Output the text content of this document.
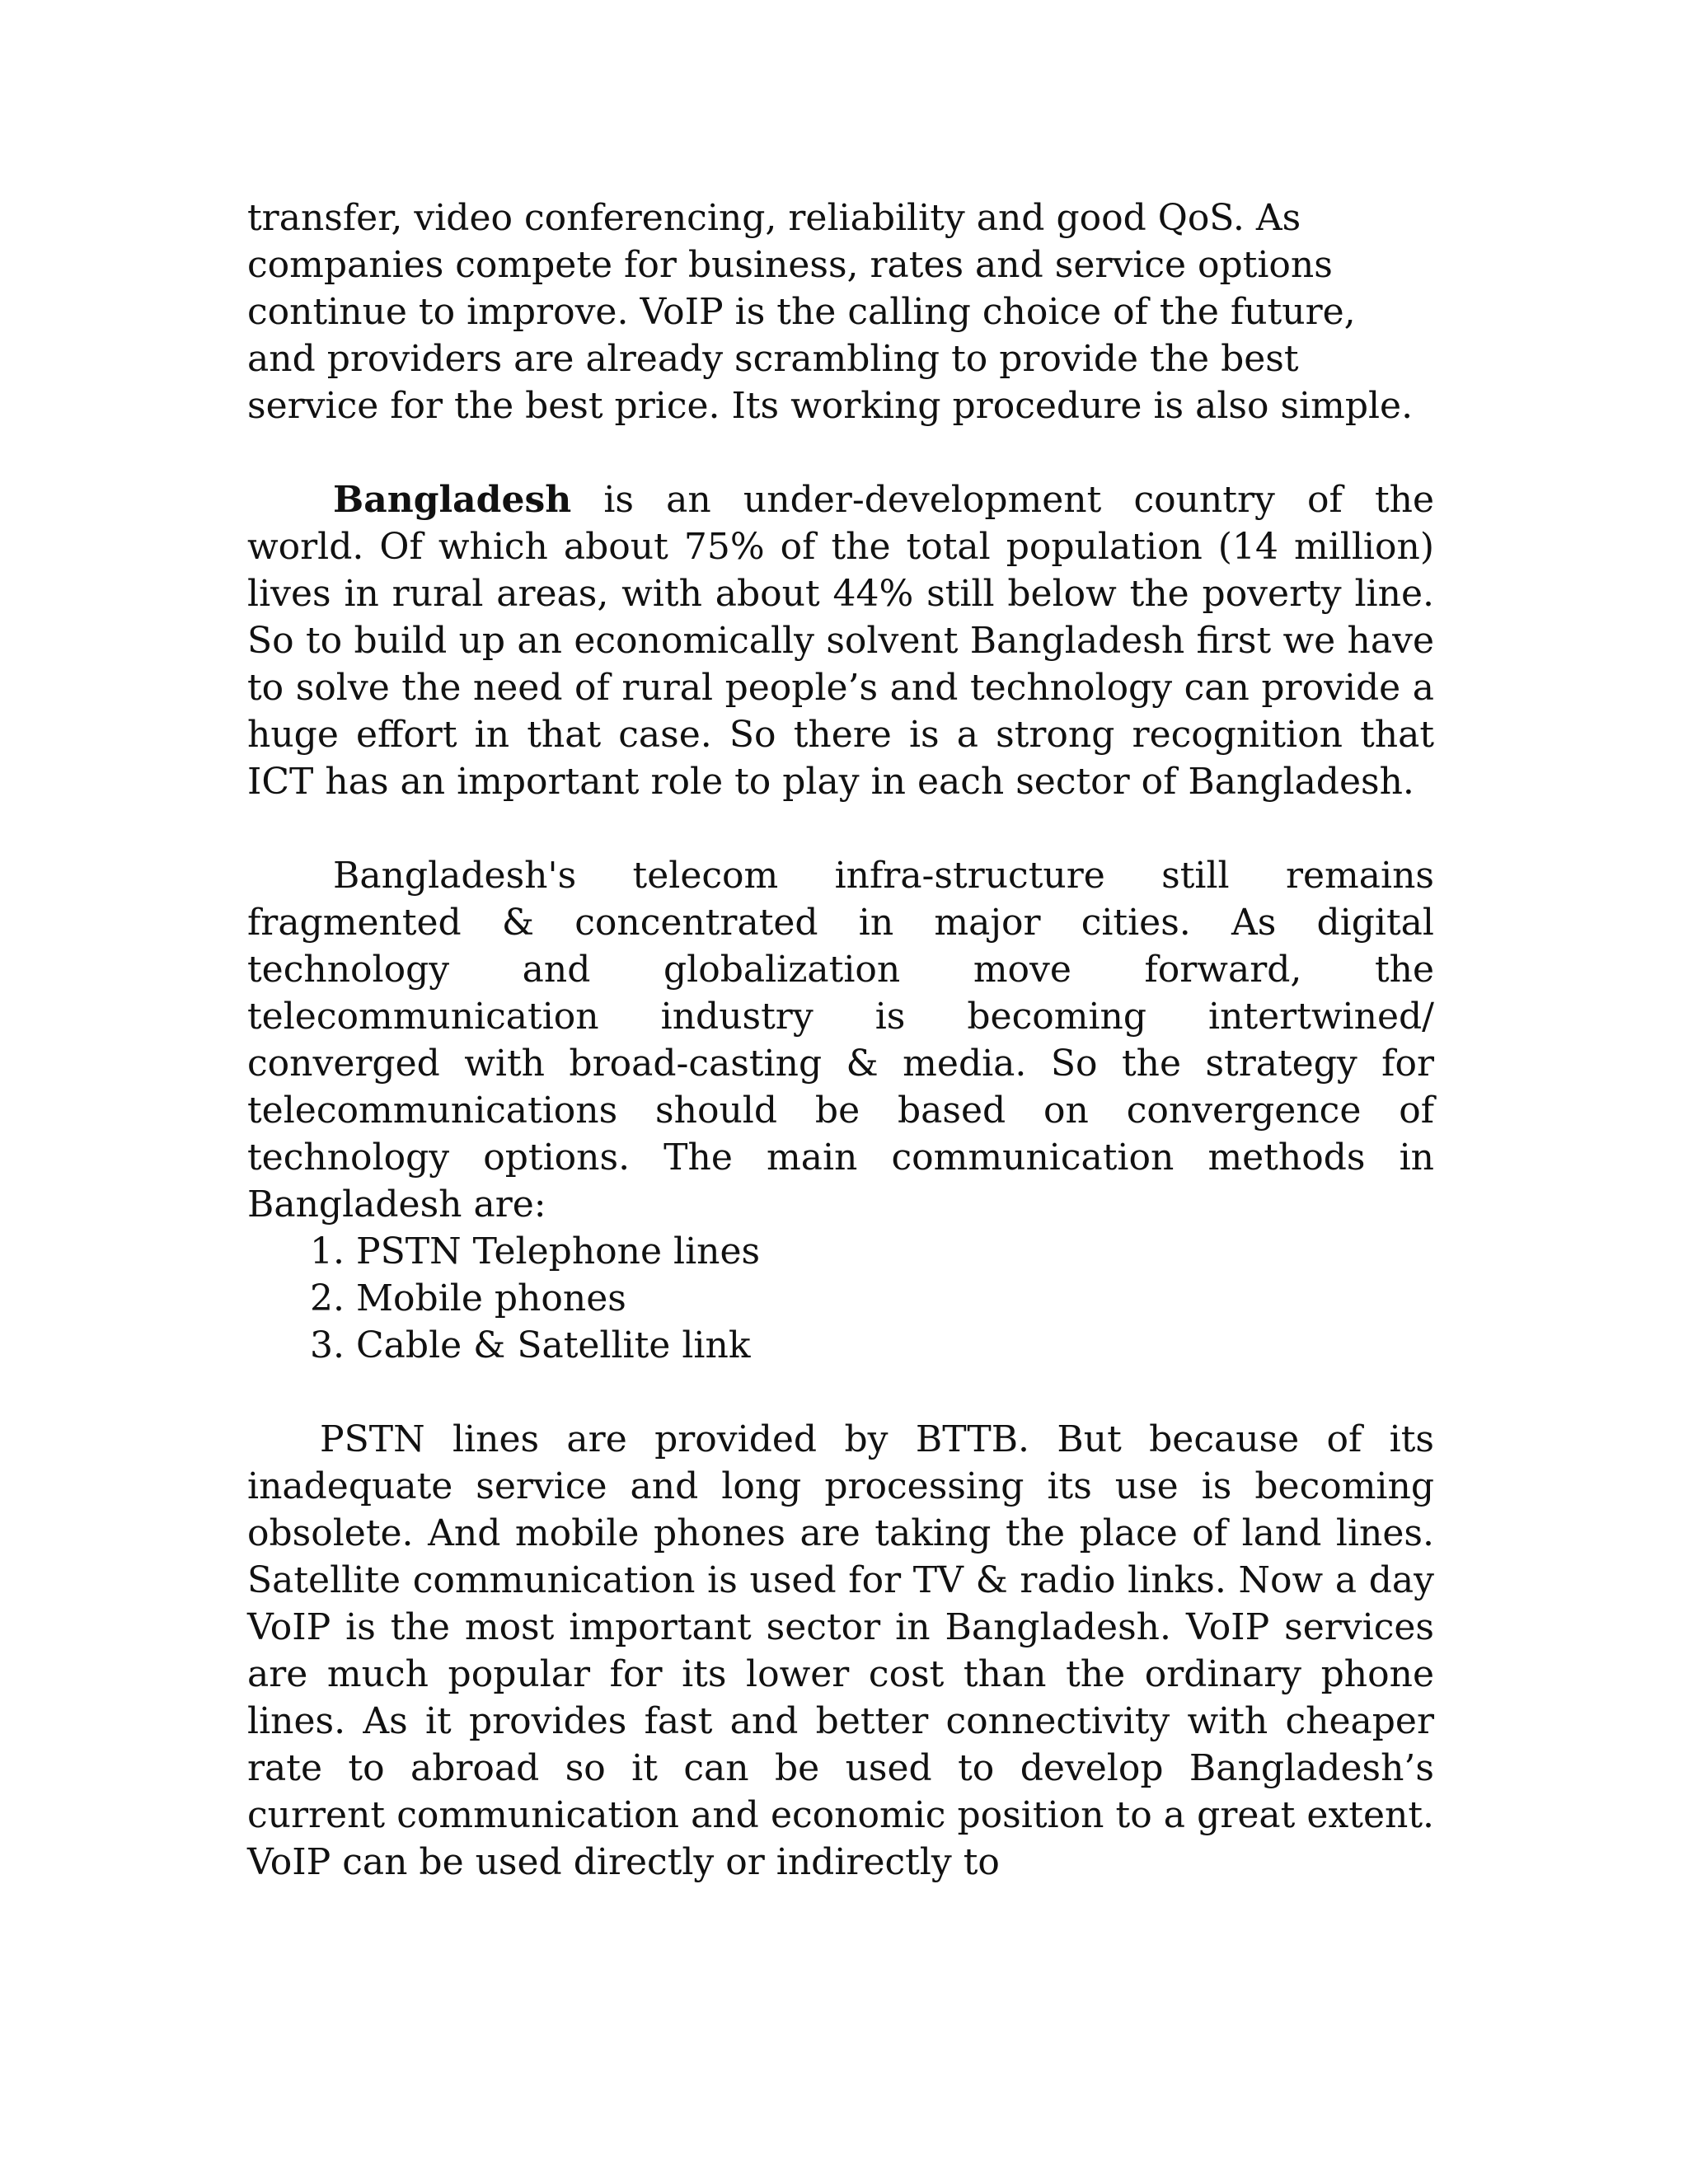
transfer, video conferencing, reliability and good QoS. As companies compete for business, rates and service options continue to improve. VoIP is the calling choice of the future, and providers are already scrambling to provide the best service for the best price. Its working procedure is also simple.

Bangladesh is an under-development country of the world. Of which about 75% of the total population (14 million) lives in rural areas, with about 44% still below the poverty line. So to build up an economically solvent Bangladesh first we have to solve the need of rural people’s and technology can provide a huge effort in that case. So there is a strong recognition that ICT has an important role to play in each sector of Bangladesh.

Bangladesh's telecom infra-structure still remains fragmented & concentrated in major cities. As digital technology and globalization move forward, the telecommunication industry is becoming intertwined/ converged with broad-casting & media. So the strategy for telecommunications should be based on convergence of technology options. The main communication methods in Bangladesh are:

1. PSTN Telephone lines
2. Mobile phones
3. Cable & Satellite link

PSTN lines are provided by BTTB. But because of its inadequate service and long processing its use is becoming obsolete. And mobile phones are taking the place of land lines. Satellite communication is used for TV & radio links. Now a day VoIP is the most important sector in Bangladesh. VoIP services are much popular for its lower cost than the ordinary phone lines. As it provides fast and better connectivity with cheaper rate to abroad so it can be used to develop Bangladesh’s current communication and economic position to a great extent. VoIP can be used directly or indirectly to
